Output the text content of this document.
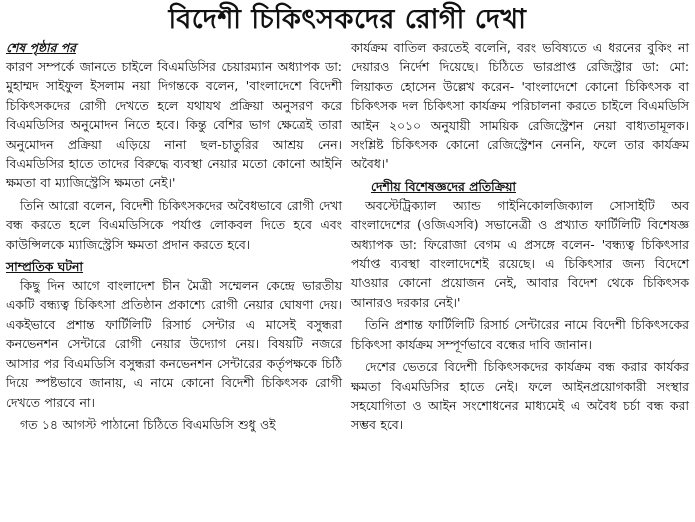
বিদেশী চিকিৎসকদের রোগী দেখা
শেষ পৃষ্ঠার পর
কারণ সম্পর্কে জানতে চাইলে বিএমডিসির চেয়ারম্যান অধ্যাপক ডা: মুহাম্মদ সাইফুল ইসলাম নয়া দিগন্তকে বলেন, 'বাংলাদেশে বিদেশী চিকিৎসকদের রোগী দেখতে হলে যথাযথ প্রক্রিয়া অনুসরণ করে বিএমডিসির অনুমোদন নিতে হবে। কিন্তু বেশির ভাগ ক্ষেত্রেই তারা অনুমোদন প্রক্রিয়া এড়িয়ে নানা ছল-চাতুরির আশ্রয় নেন। বিএমডিসির হাতে তাদের বিরুদ্ধে ব্যবস্থা নেয়ার মতো কোনো আইনি ক্ষমতা বা ম্যাজিস্ট্রেসি ক্ষমতা নেই।'
তিনি আরো বলেন, বিদেশী চিকিৎসকদের অবৈধভাবে রোগী দেখা বন্ধ করতে হলে বিএমডিসিকে পর্যাপ্ত লোকবল দিতে হবে এবং কাউন্সিলকে ম্যাজিস্ট্রেসি ক্ষমতা প্রদান করতে হবে।
সাম্প্রতিক ঘটনা
কিছু দিন আগে বাংলাদেশ চীন মৈত্রী সম্মেলন কেন্দ্রে ভারতীয় একটি বন্ধ্যত্ব চিকিৎসা প্রতিষ্ঠান প্রকাশ্যে রোগী নেয়ার ঘোষণা দেয়। একইভাবে প্রশান্ত ফার্টিলিটি রিসার্চ সেন্টার এ মাসেই বসুন্ধরা কনভেনশন সেন্টারে রোগী নেয়ার উদ্যোগ নেয়। বিষয়টি নজরে আসার পর বিএমডিসি বসুন্ধরা কনভেনশন সেন্টারের কর্তৃপক্ষকে চিঠি দিয়ে স্পষ্টভাবে জানায়, এ নামে কোনো বিদেশী চিকিৎসক রোগী দেখতে পারবে না।
গত ১৪ আগস্ট পাঠানো চিঠিতে বিএমডিসি শুধু ওই
কার্যক্রম বাতিল করতেই বলেনি, বরং ভবিষ্যতে এ ধরনের বুকিং না দেয়ারও নির্দেশ দিয়েছে। চিঠিতে ভারপ্রাপ্ত রেজিস্ট্রার ডা: মো: লিয়াকত হোসেন উল্লেখ করেন- 'বাংলাদেশে কোনো চিকিৎসক বা চিকিৎসক দল চিকিৎসা কার্যক্রম পরিচালনা করতে চাইলে বিএমডিসি আইন ২০১০ অনুযায়ী সাময়িক রেজিস্ট্রেশন নেয়া বাধ্যতামূলক। সংশ্লিষ্ট চিকিৎসক কোনো রেজিস্ট্রেশন নেননি, ফলে তার কার্যক্রম অবৈধ।'
দেশীয় বিশেষজ্ঞদের প্রতিক্রিয়া
অবস্টেট্রিক্যাল অ্যান্ড গাইনিকোলজিক্যাল সোসাইটি অব বাংলাদেশের (ওজিএসবি) সভানেত্রী ও প্রখ্যাত ফার্টিলিটি বিশেষজ্ঞ অধ্যাপক ডা: ফিরোজা বেগম এ প্রসঙ্গে বলেন- 'বন্ধ্যত্ব চিকিৎসার পর্যাপ্ত ব্যবস্থা বাংলাদেশেই রয়েছে। এ চিকিৎসার জন্য বিদেশে যাওয়ার কোনো প্রয়োজন নেই, আবার বিদেশ থেকে চিকিৎসক আনারও দরকার নেই।'
তিনি প্রশান্ত ফার্টিলিটি রিসার্চ সেন্টারের নামে বিদেশী চিকিৎসকের চিকিৎসা কার্যক্রম সম্পূর্ণভাবে বন্ধের দাবি জানান।
দেশের ভেতরে বিদেশী চিকিৎসকদের কার্যক্রম বন্ধ করার কার্যকর ক্ষমতা বিএমডিসির হাতে নেই। ফলে আইনপ্রয়োগকারী সংস্থার সহযোগিতা ও আইন সংশোধনের মাধ্যমেই এ অবৈধ চর্চা বন্ধ করা সম্ভব হবে।
